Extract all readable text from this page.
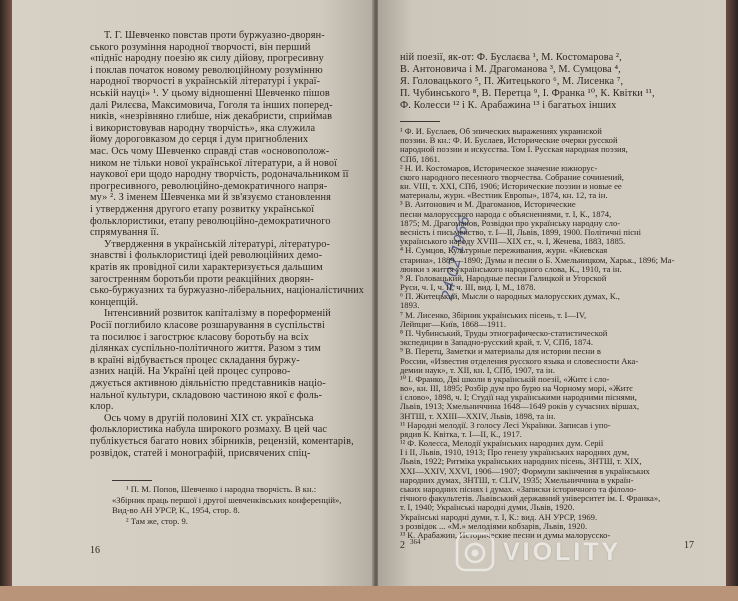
16
Т. Г. Шевченко повстав проти буржуазно-дворян-
ського розуміння народної творчості, він перший
«піднїс народну поезію як силу дійову, прогресивну
і поклав початок новому революційному розумінню
народної творчості в українській літературі і украї-
нській науці» ¹. У цьому відношенні Шевченко пішов
далі Рилєєва, Максимовича, Гоголя та інших поперед-
ників, «незрівняно глибше, ніж декабристи, сприймав
і використовував народну творчість», яка служила
йому дороговказом до серця і дум пригноблених
мас. Ось чому Шевченко справді став «основополож-
ником не тільки нової української літератури, а й нової
наукової ери щодо народну творчість, родоначальником її
прогресивного, революційно-демократичного напря-
му» ². З іменем Шевченка ми й зв'язуємо становлення
і утвердження другого етапу розвитку української
фольклористики, етапу революційно-демократичного
спрямування її.
Утвердження в українській літературі, літературо-
знавстві і фольклористиці ідей революційних демо-
кратів як провідної сили характеризується дальшим
загостренням боротьби проти реакційних дворян-
сько-буржуазних та буржуазно-ліберальних, націоналістичних
концепцій.
Інтенсивний розвиток капіталізму в пореформеній
Росії поглибило класове розшарування в суспільстві
та посилює і загострює класову боротьбу на всіх
ділянках суспільно-політичного життя. Разом з тим
в країні відбувається процес складання буржу-
азних націй. На Україні цей процес супрово-
джується активною діяльністю представників націо-
нальної культури, складовою частиною якої є фоль-
клор.
Ось чому в другій половині XIX ст. українська
фольклористика набула широкого розмаху. В цей час
публікується багато нових збірників, рецензій, коментарів,
розвідок, статей і монографій, присвячених спіц-
¹ П. М. Попов, Шевченко і народна творчість. В кн.:
«Збірник праць першої і другої шевченківських конференцій»,
Вид-во АН УРСР, К., 1954, стор. 8.
² Там же, стор. 9.
2 364	17
24 02 1966
ній поезії, як-от: Ф. Буслаєва ¹, М. Костомарова ²,
В. Антоновича і М. Драгоманова ³, М. Сумцова ⁴,
Я. Головацького ⁵, П. Житецького ⁶, М. Лисенка ⁷,
П. Чубинського ⁸, В. Перетца ⁹, І. Франка ¹⁰, К. Квітки ¹¹,
Ф. Колесси ¹² і К. Арабажина ¹³ і багатьох інших
¹ Ф. И. Буслаев, Об эпических выражениях украинской
поэзии. В кн.: Ф. И. Буслаев, Исторические очерки русской
народной поэзии и искусства. Том I. Русская народная поэзия,
СПб, 1861.
² Н. И. Костомаров, Историческое значение южнорус-
ского народного песенного творчества. Собрание сочинений,
кн. VIII, т. XXI, СПб, 1906; Исторические поэзии и новые ее
материалы, журн. «Вестник Европы», 1874, кн. 12, та ін.
³ В. Антонович и М. Драгоманов, Исторические
песни малорусского народа с объяснениями, т. I, К., 1874,
1875; М. Драгоманов, Розвідки про українську народну сло-
весність і письменство, т. І—ІІ, Львів, 1899, 1900. Політичні пісні
українського народу XVIII—XIX ст., ч. I, Женева, 1883, 1885.
⁴ Н. Сумцов, Культурные переживания, журн. «Киевская
старина», 1889—1890; Думы и песни о Б. Хмельницком, Харьк., 1896; Ма-
люнки з життя українського народного слова, К., 1910, та ін.
⁵ Я. Головацький, Народные песни Галицкой и Угорской
Руси, ч. I, ч. II, ч. III, вид. I, М., 1878.
⁶ П. Житецький, Мысли о народных малорусских думах, К.,
1893.
⁷ М. Лисенко, Збірник українських пісень, т. I—IV,
Лейпциг—Київ, 1868—1911.
⁸ П. Чубинський, Труды этнографическо-статистической
экспедиции в Западно-русский край, т. V, СПб, 1874.
⁹ В. Перетц, Заметки и материалы для истории песни в
России, «Известия отделения русского языка и словесности Ака-
демии наук», т. XII, кн. I, СПб, 1907, та ін.
¹⁰ І. Франко, Дві школи в українській поезії, «Житє і сло-
во», кн. III, 1895; Розбір дум про бурю на Чорному морі, «Житє
і слово», 1898, ч. I; Студії над українськими народними піснями,
Львів, 1913; Хмельниччина 1648—1649 років у сучасних віршах,
ЗНТШ, т. XXIII—XXIV, Львів, 1898, та ін.
¹¹ Народні мелодії. З голосу Лесі Українки. Записав і упо-
рядив К. Квітка, т. I—II, К., 1917.
¹² Ф. Колесса, Мелодії українських народних дум. Серії
I і II, Львів, 1910, 1913; Про генезу українських народних дум,
Львів, 1922; Ритміка українських народних пісень, ЗНТШ, т. XIX,
XXI—XXIV, XXVI, 1906—1907; Формули закінчення в українських
народних думах, ЗНТШ, т. CLIV, 1935; Хмельниччина в україн-
ських народних піснях і думах. «Записки історичного та філоло-
гічного факультетів. Львівський державний університет ім. І. Франка»,
т. I, 1940; Українські народні думи, Львів, 1920.
Українські народні думи, т. I, К.: вид. АН УРСР, 1969.
з розвідок ... «М.» мелодіями кобзарів, Львів, 1920.
¹³ К. Арабажин, Исторические песни и думы малорусско-
VIOLITY
